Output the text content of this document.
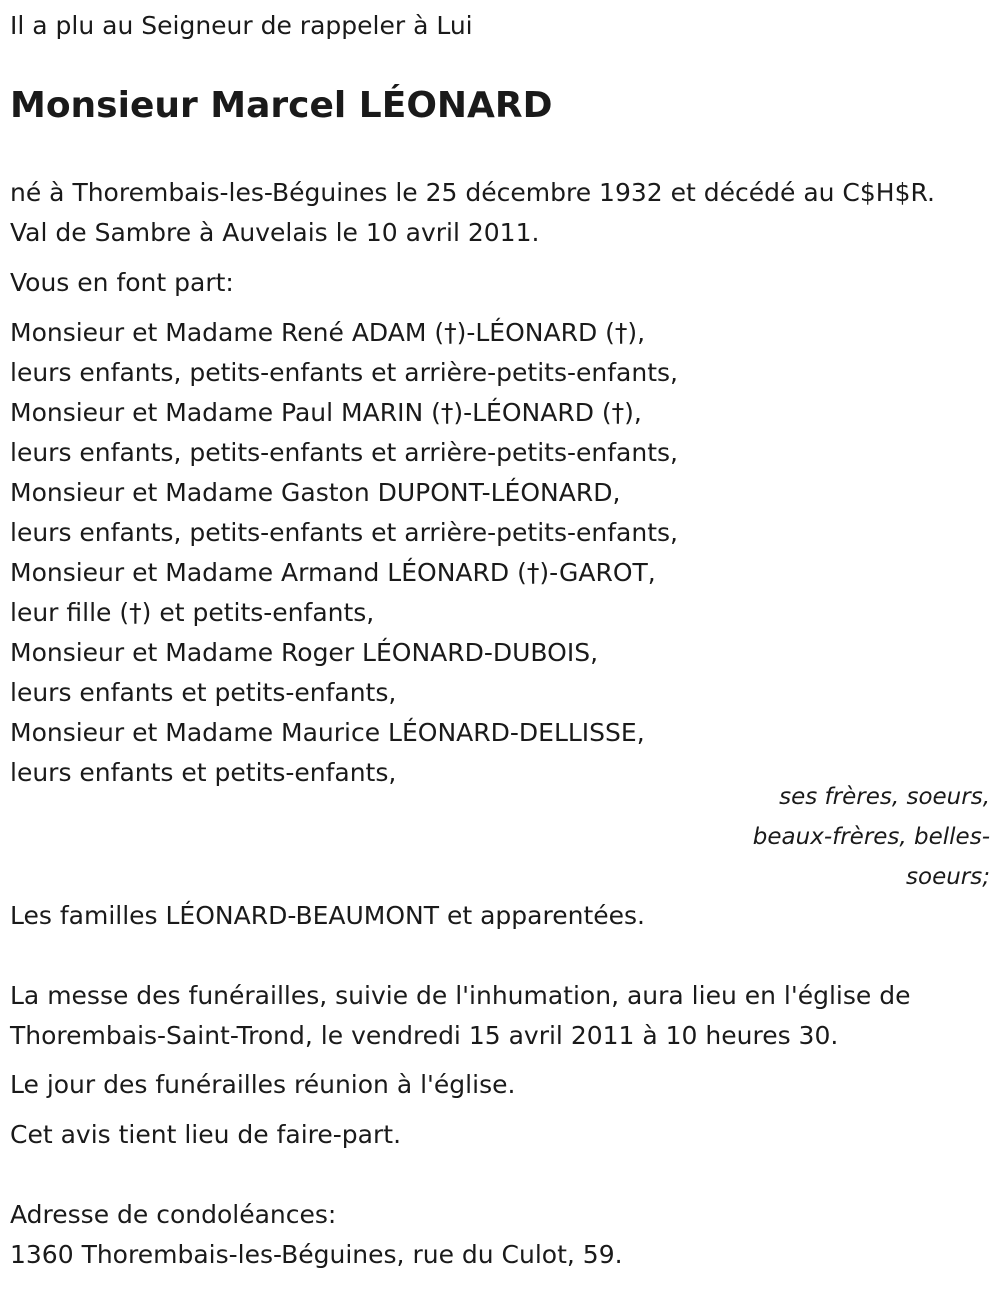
Il a plu au Seigneur de rappeler à Lui
Monsieur Marcel LÉONARD
né à Thorembais-les-Béguines le 25 décembre 1932 et décédé au C$H$R.
Val de Sambre à Auvelais le 10 avril 2011.
Vous en font part:
Monsieur et Madame René ADAM (†)-LÉONARD (†),
leurs enfants, petits-enfants et arrière-petits-enfants,
Monsieur et Madame Paul MARIN (†)-LÉONARD (†),
leurs enfants, petits-enfants et arrière-petits-enfants,
Monsieur et Madame Gaston DUPONT-LÉONARD,
leurs enfants, petits-enfants et arrière-petits-enfants,
Monsieur et Madame Armand LÉONARD (†)-GAROT,
leur fille (†) et petits-enfants,
Monsieur et Madame Roger LÉONARD-DUBOIS,
leurs enfants et petits-enfants,
Monsieur et Madame Maurice LÉONARD-DELLISSE,
leurs enfants et petits-enfants,
ses frères, soeurs,
beaux-frères, belles-
soeurs;
Les familles LÉONARD-BEAUMONT et apparentées.
La messe des funérailles, suivie de l'inhumation, aura lieu en l'église de
Thorembais-Saint-Trond, le vendredi 15 avril 2011 à 10 heures 30.
Le jour des funérailles réunion à l'église.
Cet avis tient lieu de faire-part.
Adresse de condoléances:
1360 Thorembais-les-Béguines, rue du Culot, 59.
